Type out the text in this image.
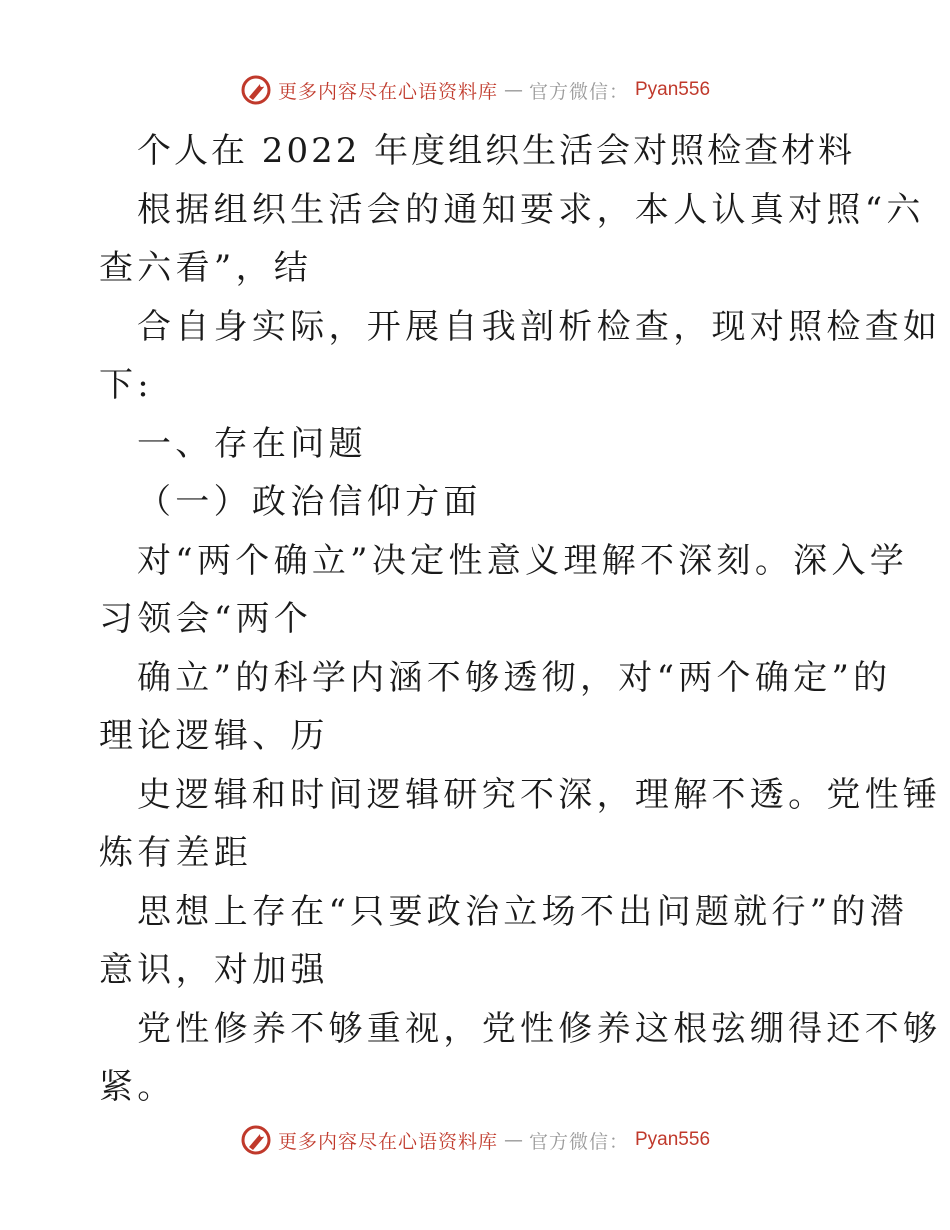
更多内容尽在心语资料库 — 官方微信： Pyan556
个人在 2022 年度组织生活会对照检查材料
根据组织生活会的通知要求，本人认真对照“六
查六看”，结
合自身实际，开展自我剖析检查，现对照检查如
下:
一、存在问题
（一）政治信仰方面
对“两个确立”决定性意义理解不深刻。深入学
习领会“两个
确立”的科学内涵不够透彻，对“两个确定”的
理论逻辑、历
史逻辑和时间逻辑研究不深，理解不透。党性锤
炼有差距
思想上存在“只要政治立场不出问题就行”的潜
意识，对加强
党性修养不够重视，党性修养这根弦绷得还不够
紧。
更多内容尽在心语资料库 — 官方微信： Pyan556
